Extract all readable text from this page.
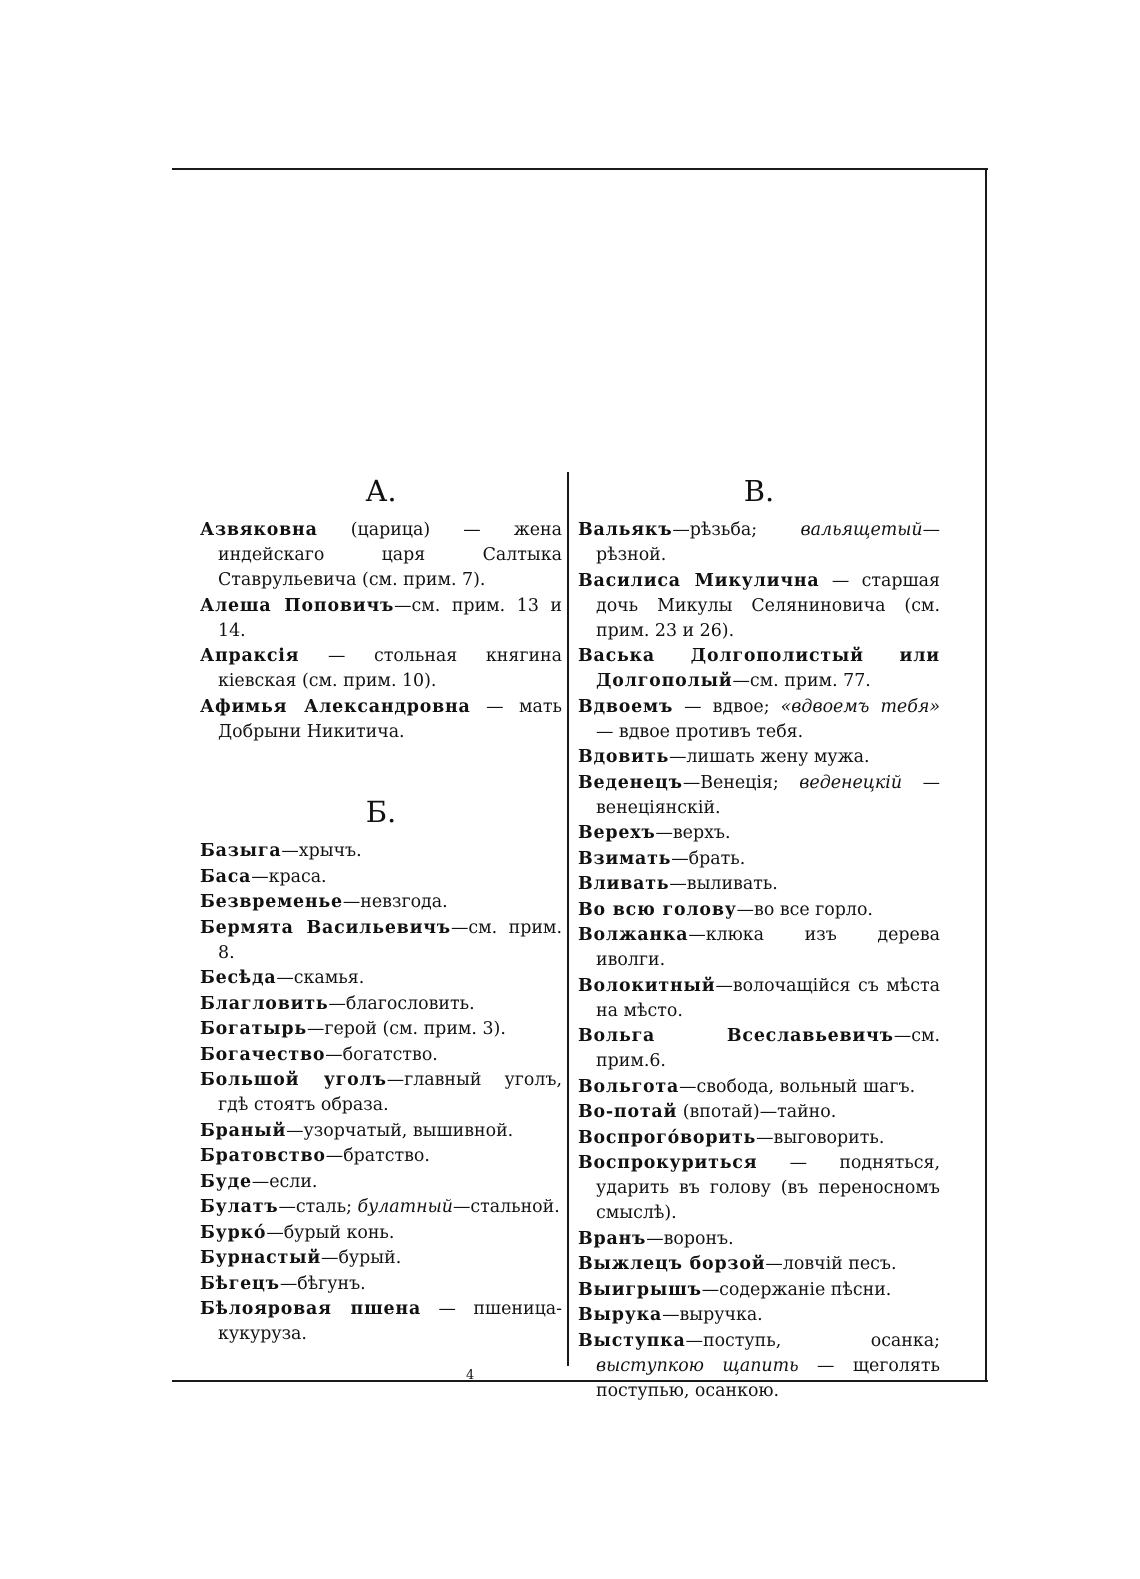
А.
Азвяковна (царица) — жена индейскаго царя Салтыка Ставрульевича (см. прим. 7).
Алеша Поповичъ—см. прим. 13 и 14.
Апраксія — стольная княгина кіевская (см. прим. 10).
Афимья Александровна — мать Добрыни Никитича.
Б.
Базыга—хрычъ.
Баса—краса.
Безвременье—невзгода.
Бермята Васильевичъ—см. прим. 8.
Бесѣда—скамья.
Благловить—благословить.
Богатырь—герой (см. прим. 3).
Богачество—богатство.
Большой уголъ—главный уголъ, гдѣ стоятъ образа.
Браный—узорчатый, вышивной.
Братовство—братство.
Буде—если.
Булатъ—сталь; булатный—стальной.
Буркó—бурый конь.
Бурнастый—бурый.
Бѣгецъ—бѣгунъ.
Бѣлояровая пшена — пшеница-кукуруза.
В.
Вальякъ—рѣзьба; вальящетый—рѣзной.
Василиса Микулична — старшая дочь Микулы Селяниновича (см. прим. 23 и 26).
Васька Долгополистый или Долгополый—см. прим. 77.
Вдвоемъ — вдвое; «вдвоемъ тебя» — вдвое противъ тебя.
Вдовить—лишать жену мужа.
Веденецъ—Венеція; веденецкій — венеціянскій.
Верехъ—верхъ.
Взимать—брать.
Вливать—выливать.
Во всю голову—во все горло.
Волжанка—клюка изъ дерева иволги.
Волокитный—волочащійся съ мѣста на мѣсто.
Вольга Всеславьевичъ—см. прим.6.
Вольгота—свобода, вольный шагъ.
Во-потай (впотай)—тайно.
Воспрогóворить—выговорить.
Воспрокуриться — подняться, ударить въ голову (въ переносномъ смыслѣ).
Вранъ—воронъ.
Выжлецъ борзой—ловчій песъ.
Выигрышъ—содержаніе пѣсни.
Вырука—выручка.
Выступка—поступь, осанка; выступкою щапить — щеголять поступью, осанкою.
4
